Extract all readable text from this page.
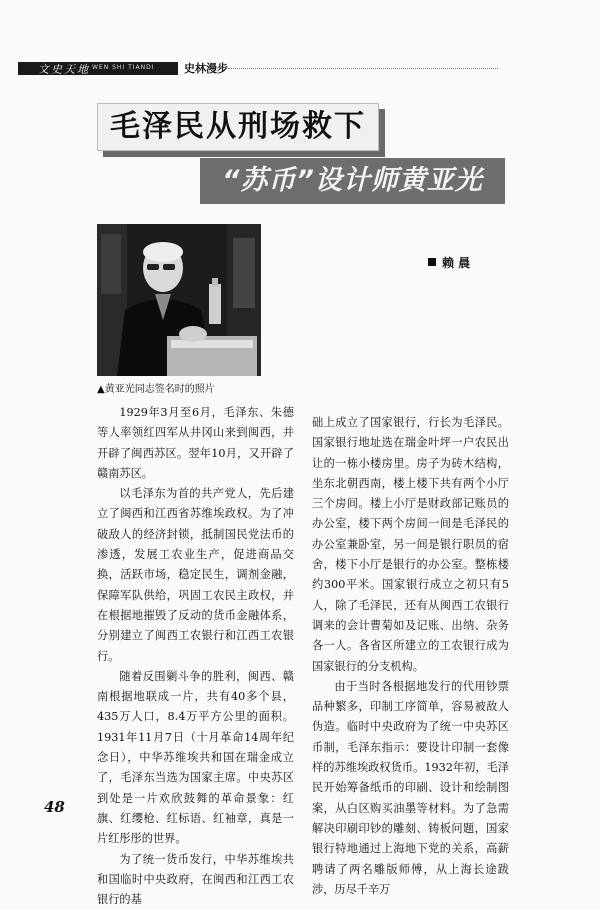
文史天地 WEN SHI TIANDI	史林漫步
毛泽民从刑场救下
“苏币”设计师黄亚光
赖 晨
▲黄亚光同志签名时的照片

1929年3月至6月，毛泽东、朱德等人率领红四军从井冈山来到闽西，并开辟了闽西苏区。翌年10月，又开辟了赣南苏区。

以毛泽东为首的共产党人，先后建立了闽西和江西省苏维埃政权。为了冲破敌人的经济封锁，抵制国民党法币的渗透，发展工农业生产，促进商品交换，活跃市场，稳定民生，调剂金融，保障军队供给，巩固工农民主政权，并在根据地摧毁了反动的货币金融体系，分别建立了闽西工农银行和江西工农银行。

随着反围剿斗争的胜利，闽西、赣南根据地联成一片，共有40多个县，435万人口，8.4万平方公里的面积。1931年11月7日（十月革命14周年纪念日），中华苏维埃共和国在瑞金成立了，毛泽东当选为国家主席。中央苏区到处是一片欢欣鼓舞的革命景象：红旗、红缨枪、红标语、红袖章，真是一片红彤彤的世界。

为了统一货币发行，中华苏维埃共和国临时中央政府，在闽西和江西工农银行的基

础上成立了国家银行，行长为毛泽民。国家银行地址选在瑞金叶坪一户农民出让的一栋小楼房里。房子为砖木结构，坐东北朝西南，楼上楼下共有两个小厅三个房间。楼上小厅是财政部记账员的办公室，楼下两个房间一间是毛泽民的办公室兼卧室，另一间是银行职员的宿舍，楼下小厅是银行的办公室。整栋楼约300平米。国家银行成立之初只有5人，除了毛泽民，还有从闽西工农银行调来的会计曹菊如及记账、出纳、杂务各一人。各省区所建立的工农银行成为国家银行的分支机构。

由于当时各根据地发行的代用钞票品种繁多，印制工序简单，容易被敌人伪造。临时中央政府为了统一中央苏区币制，毛泽东指示：要设计印制一套像样的苏维埃政权货币。1932年初，毛泽民开始筹备纸币的印刷、设计和绘制图案，从白区购买油墨等材料。为了急需解决印刷印钞的雕刻、铸板问题，国家银行特地通过上海地下党的关系，高薪聘请了两名雕版师傅，从上海长途跋涉，历尽千辛万

48
